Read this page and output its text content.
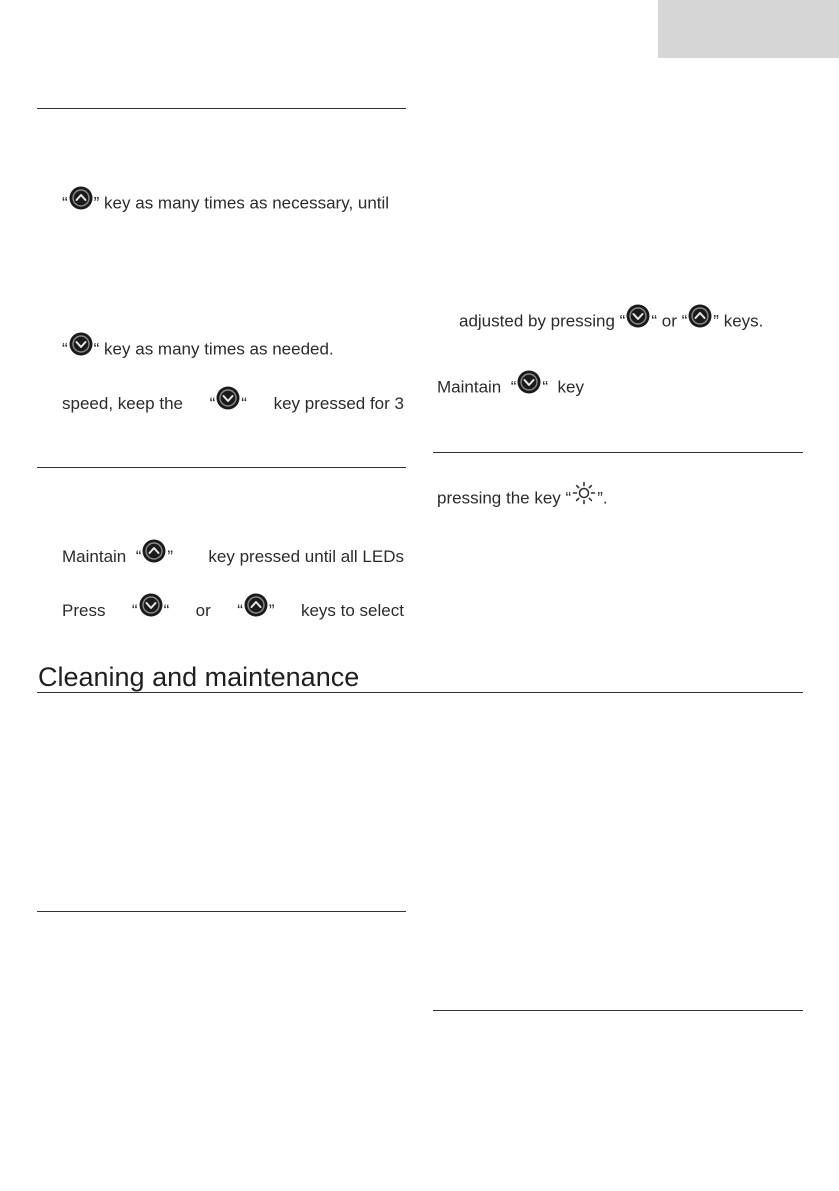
“ ” key as many times as necessary, until
“ “ key as many times as needed.
speed, keep the “ “ key pressed for 3
Maintain
“ ” key pressed until all LEDs
Press “ “ or “ ” keys to select
adjusted by pressing “ “ or “ ” keys.
Maintain “ “ key
pressing the key “ ”.
Cleaning and maintenance
